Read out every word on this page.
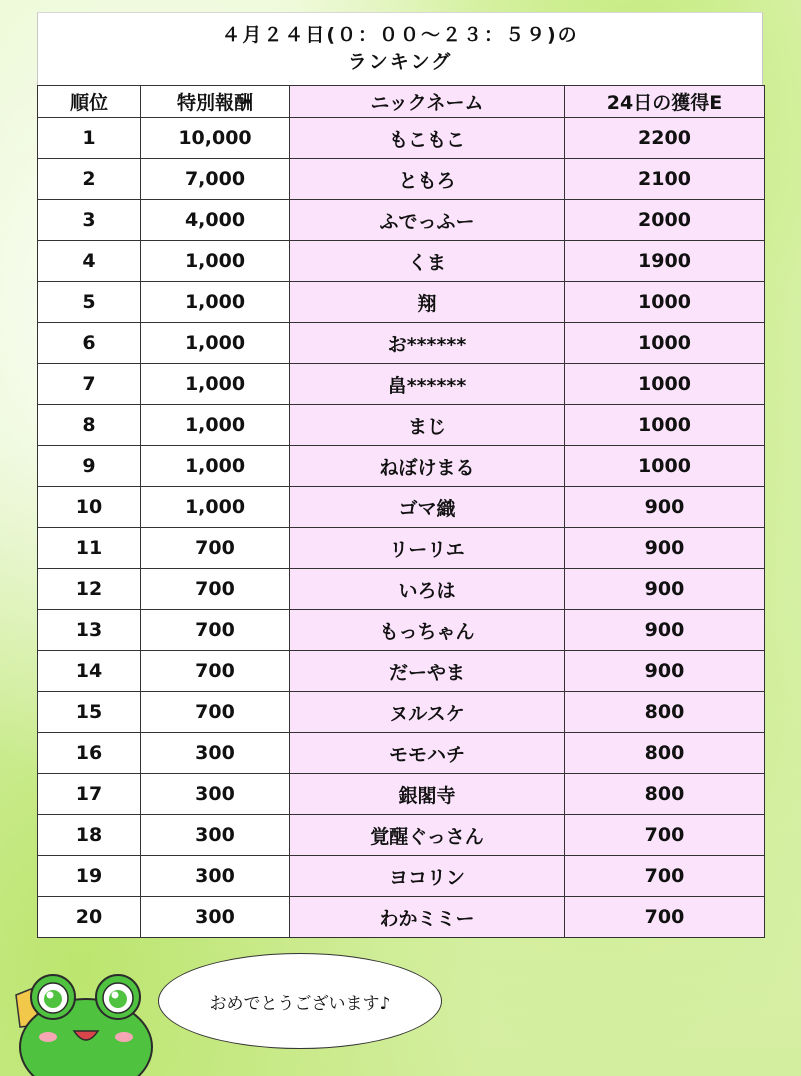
４月２４日(０：００〜２３：５９)の
ランキング
順位	特別報酬	ニックネーム	24日の獲得E
1	10,000	もこもこ	2200
2	7,000	ともろ	2100
3	4,000	ふでっふー	2000
4	1,000	くま	1900
5	1,000	翔	1000
6	1,000	お******	1000
7	1,000	畠******	1000
8	1,000	まじ	1000
9	1,000	ねぼけまる	1000
10	1,000	ゴマ織	900
11	700	リーリエ	900
12	700	いろは	900
13	700	もっちゃん	900
14	700	だーやま	900
15	700	ヌルスケ	800
16	300	モモハチ	800
17	300	銀閣寺	800
18	300	覚醒ぐっさん	700
19	300	ヨコリン	700
20	300	わかミミー	700
おめでとうございます♪
